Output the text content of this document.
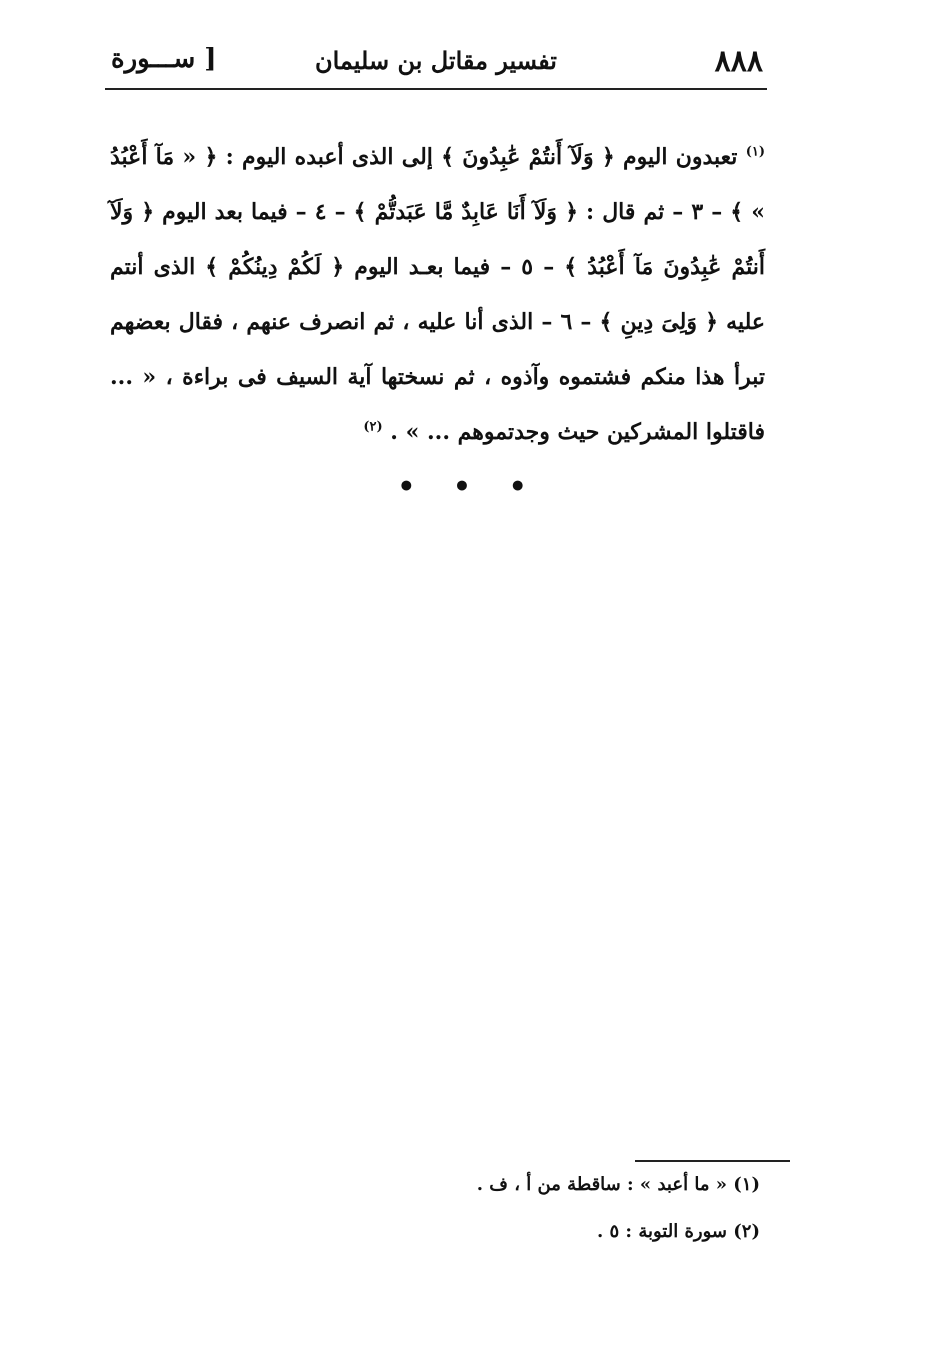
٨٨٨
تفسير مقاتل بن سليمان
[ ســـورة

$^{(١)}$ تعبدون اليوم ﴿ وَلَآ أَنتُمْ عَٰبِدُونَ ﴾ إلى الذى أعبده اليوم : ﴿ « مَآ أَعْبُدُ » ﴾ – ٣ – ثم قال : ﴿ وَلَآ أَنَا عَابِدٌ مَّا عَبَدتُّمْ ﴾ – ٤ – فيما بعد اليوم ﴿ وَلَآ أَنتُمْ عَٰبِدُونَ مَآ أَعْبُدُ ﴾ – ٥ – فيما بعـد اليوم ﴿ لَكُمْ دِينُكُمْ ﴾ الذى أنتم عليه ﴿ وَلِىَ دِينِ ﴾ – ٦ – الذى أنا عليه ، ثم انصرف عنهم ، فقال بعضهم تبرأ هذا منكم فشتموه وآذوه ، ثم نسختها آية السيف فى براءة ، « ... فاقتلوا المشركين حيث وجدتموهم ... » . $^{(٢)}$

• • •
(١) « ما أعبد » : ساقطة من أ ، ف .
(٢) سورة التوبة : ٥ .
